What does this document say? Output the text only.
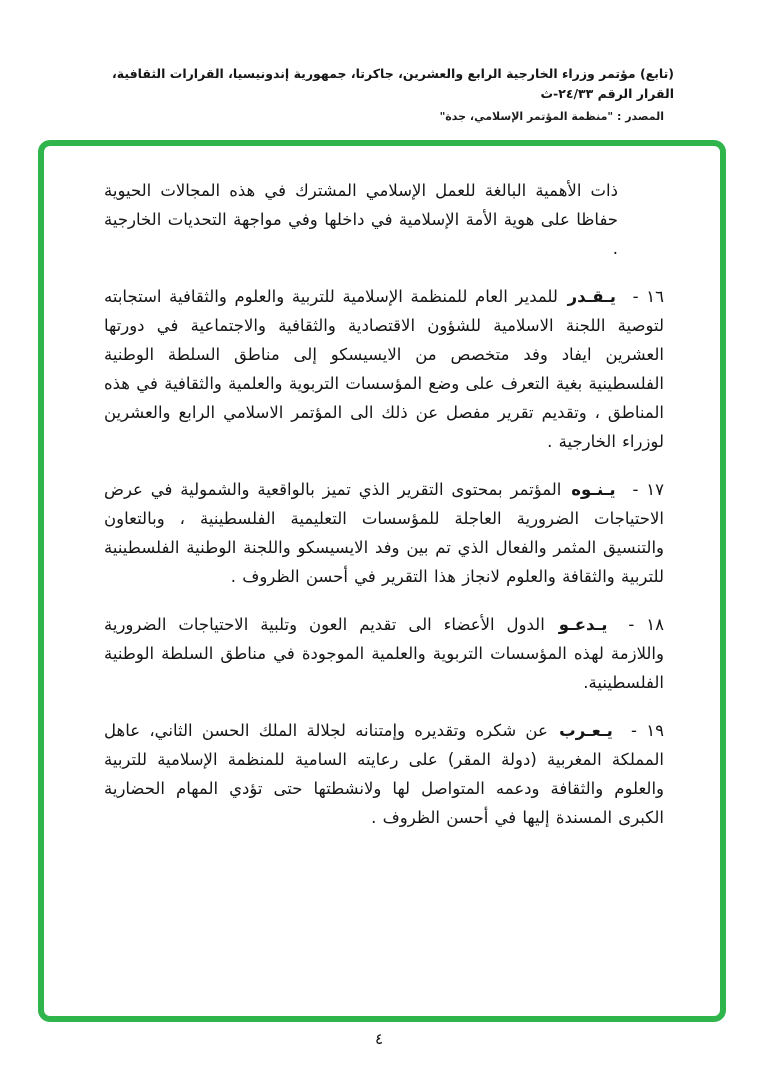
(تابع) مؤتمر وزراء الخارجية الرابع والعشرين، جاكرتا، جمهورية إندونيسيا، القرارات الثقافية، القرار الرقم ٢٤/٣٣-ث
المصدر : "منظمة المؤتمر الإسلامي، جدة"

ذات الأهمية البالغة للعمل الإسلامي المشترك في هذه المجالات الحيوية حفاظا على هوية الأمة الإسلامية في داخلها وفي مواجهة التحديات الخارجية .

١٦ - يـقـدر للمدير العام للمنظمة الإسلامية للتربية والعلوم والثقافية استجابته لتوصية اللجنة الاسلامية للشؤون الاقتصادية والثقافية والاجتماعية في دورتها العشرين ايفاد وفد متخصص من الايسيسكو إلى مناطق السلطة الوطنية الفلسطينية بغية التعرف على وضع المؤسسات التربوية والعلمية والثقافية في هذه المناطق ، وتقديم تقرير مفصل عن ذلك الى المؤتمر الاسلامي الرابع والعشرين لوزراء الخارجية .

١٧ - يـنـوه المؤتمر بمحتوى التقرير الذي تميز بالواقعية والشمولية في عرض الاحتياجات الضرورية العاجلة للمؤسسات التعليمية الفلسطينية ، وبالتعاون والتنسيق المثمر والفعال الذي تم بين وفد الايسيسكو واللجنة الوطنية الفلسطينية للتربية والثقافة والعلوم لانجاز هذا التقرير في أحسن الظروف .

١٨ - يـدعـو الدول الأعضاء الى تقديم العون وتلبية الاحتياجات الضرورية واللازمة لهذه المؤسسات التربوية والعلمية الموجودة في مناطق السلطة الوطنية الفلسطينية.

١٩ - يـعـرب عن شكره وتقديره وإمتنانه لجلالة الملك الحسن الثاني، عاهل المملكة المغربية (دولة المقر) على رعايته السامية للمنظمة الإسلامية للتربية والعلوم والثقافة ودعمه المتواصل لها ولانشطتها حتى تؤدي المهام الحضارية الكبرى المسندة إليها في أحسن الظروف .

٤
